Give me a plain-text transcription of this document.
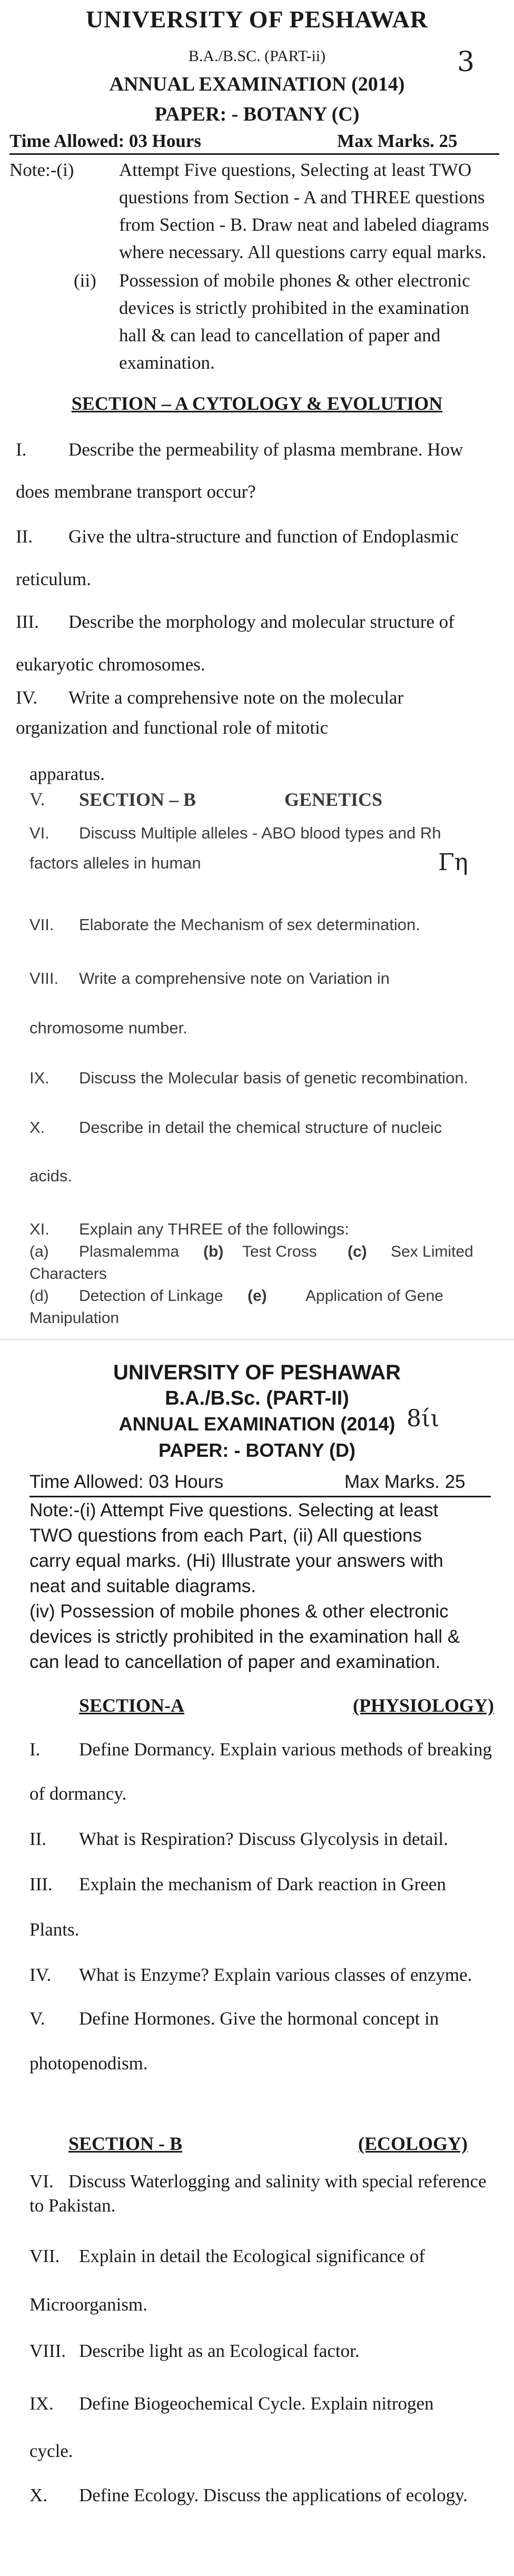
UNIVERSITY OF PESHAWAR
B.A./B.SC. (PART-ii)	3
ANNUAL EXAMINATION (2014)
PAPER: - BOTANY (C)
Time Allowed: 03 Hours	Max Marks. 25
Note:-(i) Attempt Five questions, Selecting at least TWO
questions from Section - A and THREE questions
from Section - B. Draw neat and labeled diagrams
where necessary. All questions carry equal marks.
(ii) Possession of mobile phones & other electronic
devices is strictly prohibited in the examination
hall & can lead to cancellation of paper and
examination.
SECTION – A CYTOLOGY & EVOLUTION
I. Describe the permeability of plasma membrane. How
does membrane transport occur?
II. Give the ultra-structure and function of Endoplasmic
reticulum.
III. Describe the morphology and molecular structure of
eukaryotic chromosomes.
IV. Write a comprehensive note on the molecular
organization and functional role of mitotic
apparatus.
V. SECTION – B	GENETICS
VI. Discuss Multiple alleles - ABO blood types and Rh
factors alleles in human	Γη
VII. Elaborate the Mechanism of sex determination.
VIII. Write a comprehensive note on Variation in
chromosome number.
IX. Discuss the Molecular basis of genetic recombination.
X. Describe in detail the chemical structure of nucleic
acids.
XI. Explain any THREE of the followings:
(a) Plasmalemma (b) Test Cross (c) Sex Limited
Characters
(d) Detection of Linkage (e) Application of Gene
Manipulation
UNIVERSITY OF PESHAWAR
B.A./B.Sc. (PART-II)
8ίι
ANNUAL EXAMINATION (2014)
PAPER: - BOTANY (D)
Time Allowed: 03 Hours	Max Marks. 25
Note:-(i) Attempt Five questions. Selecting at least
TWO questions from each Part, (ii) All questions
carry equal marks. (Hi) Illustrate your answers with
neat and suitable diagrams.
(iv) Possession of mobile phones & other electronic
devices is strictly prohibited in the examination hall &
can lead to cancellation of paper and examination.
SECTION-A	(PHYSIOLOGY)
I. Define Dormancy. Explain various methods of breaking
of dormancy.
II. What is Respiration? Discuss Glycolysis in detail.
III. Explain the mechanism of Dark reaction in Green
Plants.
IV. What is Enzyme? Explain various classes of enzyme.
V. Define Hormones. Give the hormonal concept in
photopenodism.
SECTION - B	(ECOLOGY)
VI. Discuss Waterlogging and salinity with special reference
to Pakistan.
VII. Explain in detail the Ecological significance of
Microorganism.
VIII. Describe light as an Ecological factor.
IX. Define Biogeochemical Cycle. Explain nitrogen
cycle.
X. Define Ecology. Discuss the applications of ecology.
